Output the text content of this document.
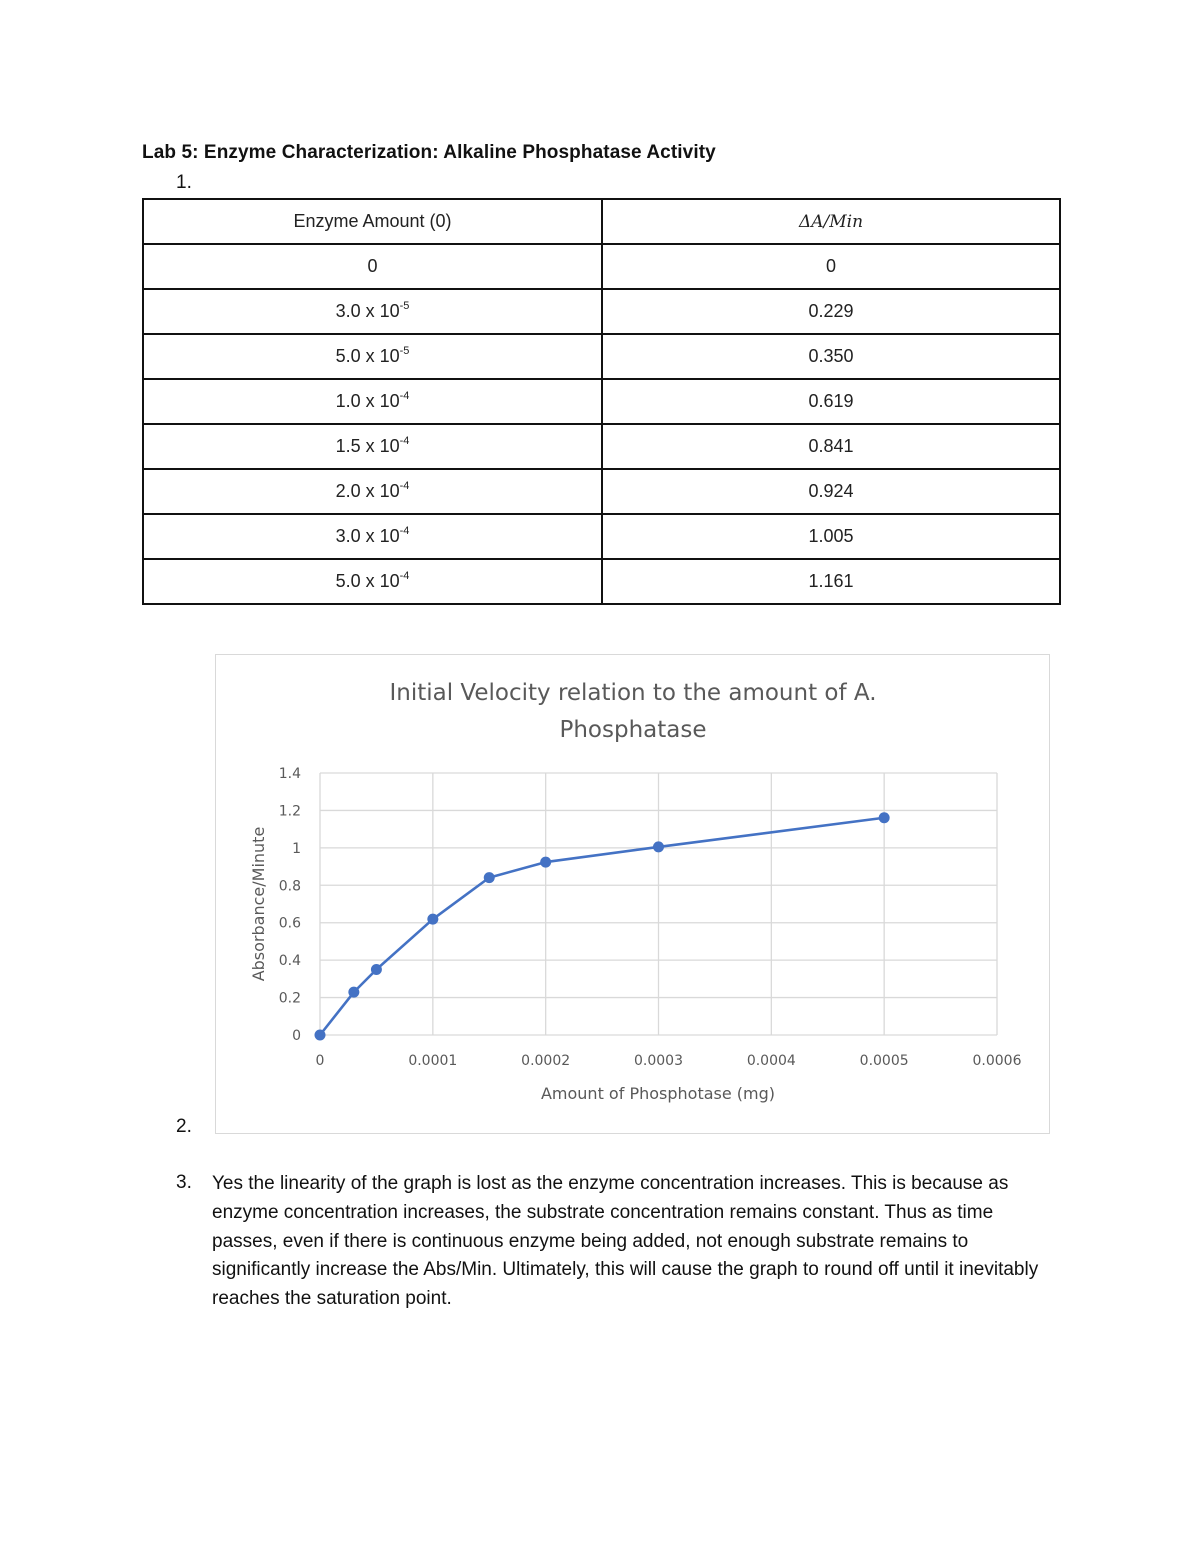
Lab 5: Enzyme Characterization: Alkaline Phosphatase Activity
1.
Enzyme Amount (0)	ΔA/Min
0	0
3.0 x $10^{-5}$	0.229
5.0 x $10^{-5}$	0.350
1.0 x $10^{-4}$	0.619
1.5 x $10^{-4}$	0.841
2.0 x $10^{-4}$	0.924
3.0 x $10^{-4}$	1.005
5.0 x $10^{-4}$	1.161
Initial Velocity relation to the amount of A.
Phosphatase
0
0.2
0.4
0.6
0.8
1
1.2
1.4
0	0.0001	0.0002	0.0003	0.0004	0.0005	0.0006
Amount of Phosphotase (mg)
Absorbance/Minute
2.
3. Yes the linearity of the graph is lost as the enzyme concentration increases. This is because as enzyme concentration increases, the substrate concentration remains constant. Thus as time passes, even if there is continuous enzyme being added, not enough substrate remains to significantly increase the Abs/Min. Ultimately, this will cause the graph to round off until it inevitably reaches the saturation point.
